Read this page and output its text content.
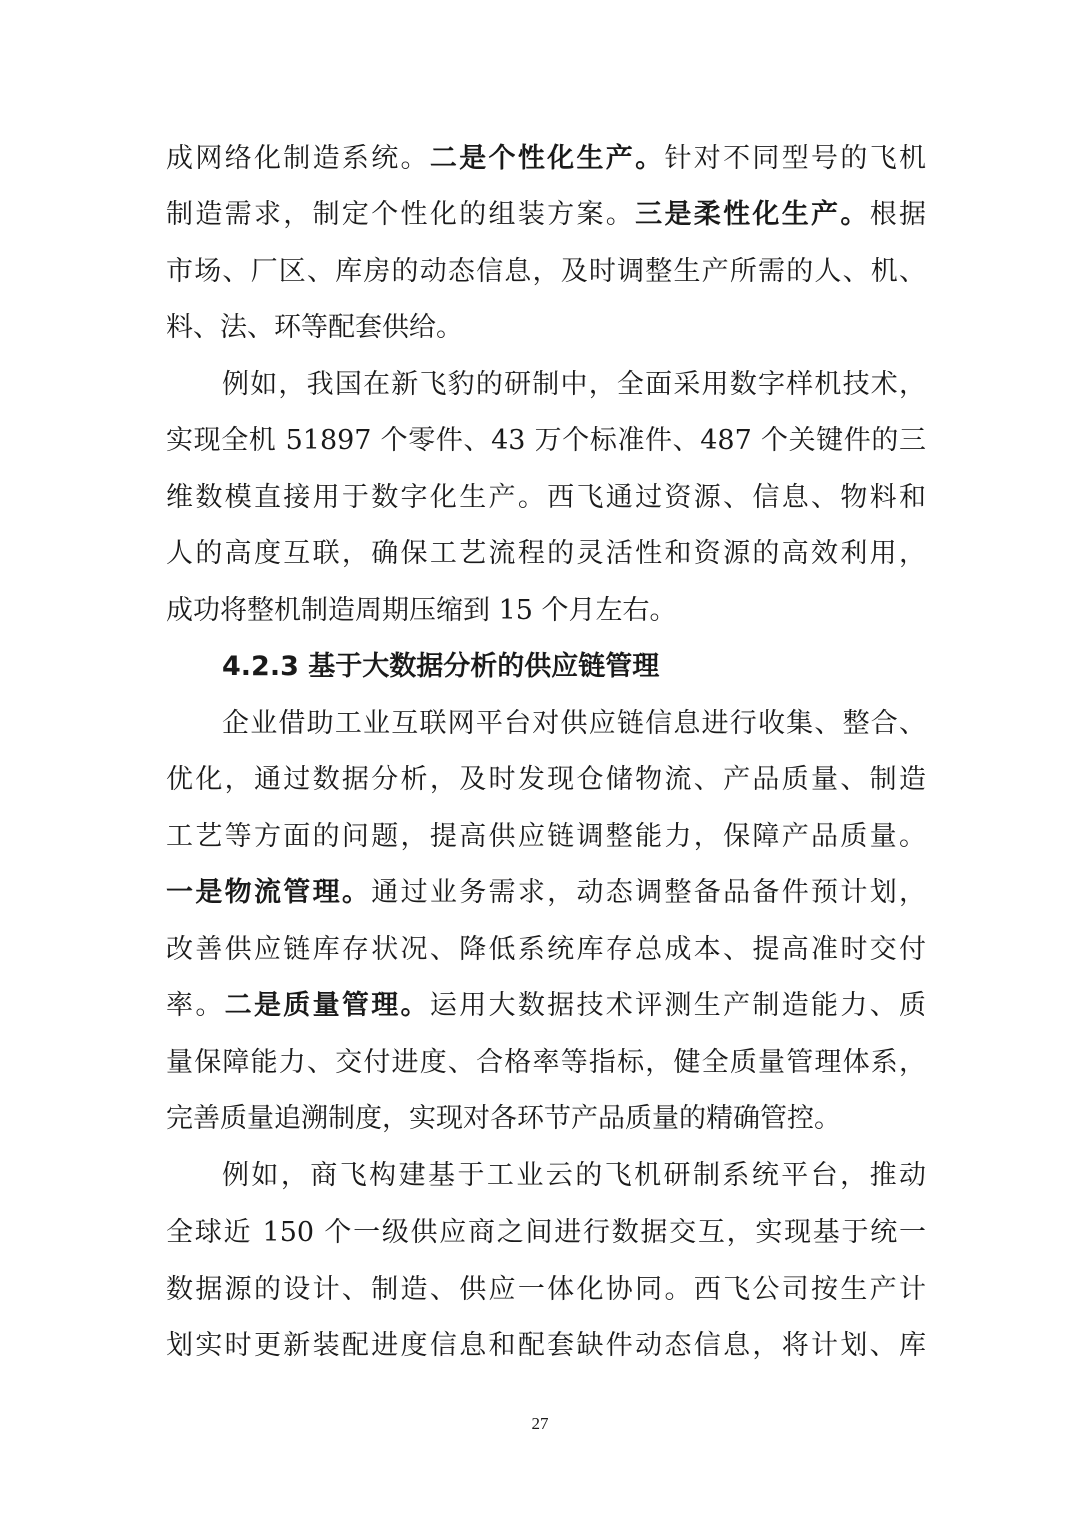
成网络化制造系统。二是个性化生产。针对不同型号的飞机
制造需求，制定个性化的组装方案。三是柔性化生产。根据
市场、厂区、库房的动态信息，及时调整生产所需的人、机、
料、法、环等配套供给。
例如，我国在新飞豹的研制中，全面采用数字样机技术，
实现全机 51897 个零件、43 万个标准件、487 个关键件的三
维数模直接用于数字化生产。西飞通过资源、信息、物料和
人的高度互联，确保工艺流程的灵活性和资源的高效利用，
成功将整机制造周期压缩到 15 个月左右。
4.2.3 基于大数据分析的供应链管理
企业借助工业互联网平台对供应链信息进行收集、整合、
优化，通过数据分析，及时发现仓储物流、产品质量、制造
工艺等方面的问题，提高供应链调整能力，保障产品质量。
一是物流管理。通过业务需求，动态调整备品备件预计划，
改善供应链库存状况、降低系统库存总成本、提高准时交付
率。二是质量管理。运用大数据技术评测生产制造能力、质
量保障能力、交付进度、合格率等指标，健全质量管理体系，
完善质量追溯制度，实现对各环节产品质量的精确管控。
例如，商飞构建基于工业云的飞机研制系统平台，推动
全球近 150 个一级供应商之间进行数据交互，实现基于统一
数据源的设计、制造、供应一体化协同。西飞公司按生产计
划实时更新装配进度信息和配套缺件动态信息，将计划、库
27
